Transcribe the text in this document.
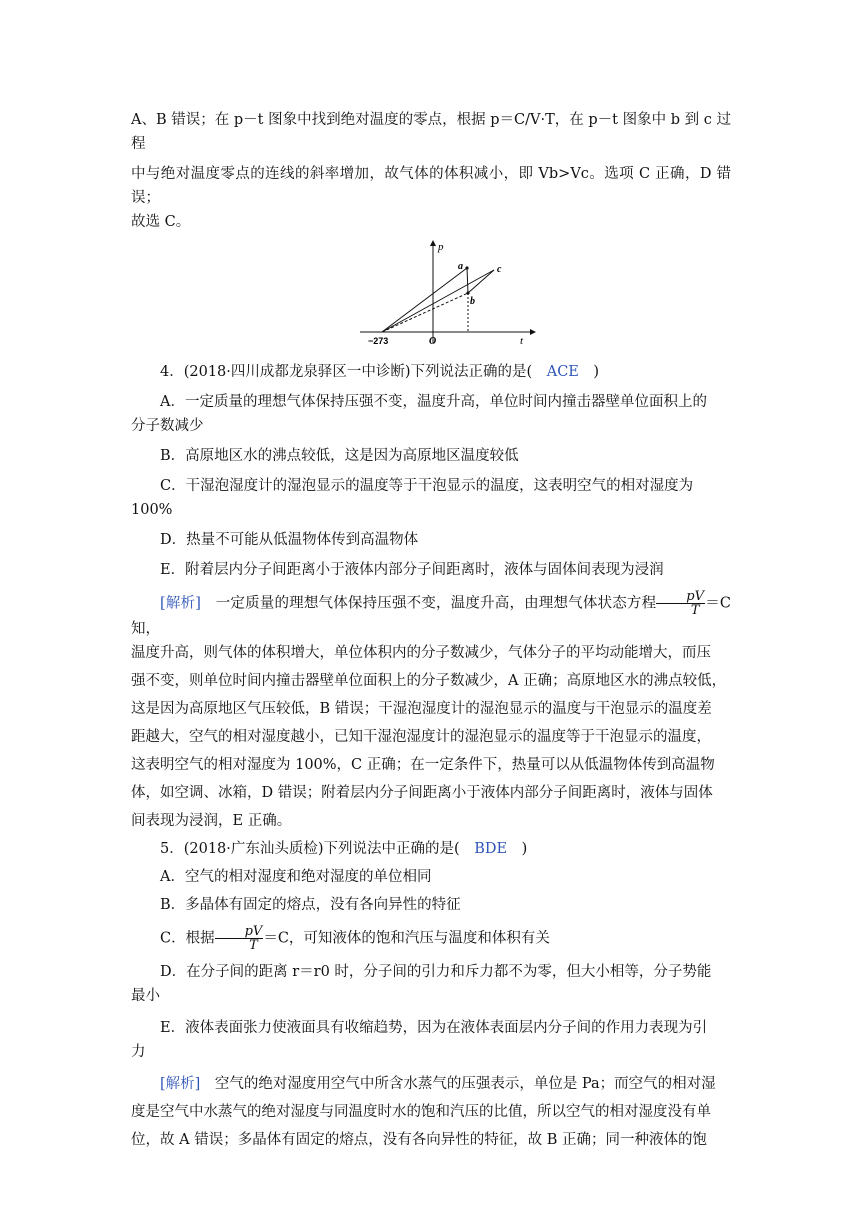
A、B 错误；在 p－t 图象中找到绝对温度的零点，根据 p＝C/V·T，在 p－t 图象中 b 到 c 过程

中与绝对温度零点的连线的斜率增加，故气体的体积减小，即 Vb>Vc。选项 C 正确，D 错误；

故选 C。

p
t
O
−273
a
b
c

4．(2018·四川成都龙泉驿区一中诊断)下列说法正确的是(　ACE　)

A．一定质量的理想气体保持压强不变，温度升高，单位时间内撞击器壁单位面积上的

分子数减少

B．高原地区水的沸点较低，这是因为高原地区温度较低

C．干湿泡湿度计的湿泡显示的温度等于干泡显示的温度，这表明空气的相对湿度为

100%

D．热量不可能从低温物体传到高温物体

E．附着层内分子间距离小于液体内部分子间距离时，液体与固体间表现为浸润

[解析]　一定质量的理想气体保持压强不变，温度升高，由理想气体状态方程 $\frac{pV}{T} =C$ 知，

温度升高，则气体的体积增大，单位体积内的分子数减少，气体分子的平均动能增大，而压

强不变，则单位时间内撞击器壁单位面积上的分子数减少，A 正确；高原地区水的沸点较低，

这是因为高原地区气压较低，B 错误；干湿泡湿度计的湿泡显示的温度与干泡显示的温度差

距越大，空气的相对湿度越小，已知干湿泡湿度计的湿泡显示的温度等于干泡显示的温度，

这表明空气的相对湿度为 100%，C 正确；在一定条件下，热量可以从低温物体传到高温物

体，如空调、冰箱，D 错误；附着层内分子间距离小于液体内部分子间距离时，液体与固体

间表现为浸润，E 正确。

5．(2018·广东汕头质检)下列说法中正确的是(　BDE　)

A．空气的相对湿度和绝对湿度的单位相同

B．多晶体有固定的熔点，没有各向异性的特征

C．根据 $\frac{pV}{T} =C$，可知液体的饱和汽压与温度和体积有关

D．在分子间的距离 r＝r0 时，分子间的引力和斥力都不为零，但大小相等，分子势能

最小

E．液体表面张力使液面具有收缩趋势，因为在液体表面层内分子间的作用力表现为引

力

[解析]　空气的绝对湿度用空气中所含水蒸气的压强表示，单位是 Pa；而空气的相对湿

度是空气中水蒸气的绝对湿度与同温度时水的饱和汽压的比值，所以空气的相对湿度没有单

位，故 A 错误；多晶体有固定的熔点，没有各向异性的特征，故 B 正确；同一种液体的饱
